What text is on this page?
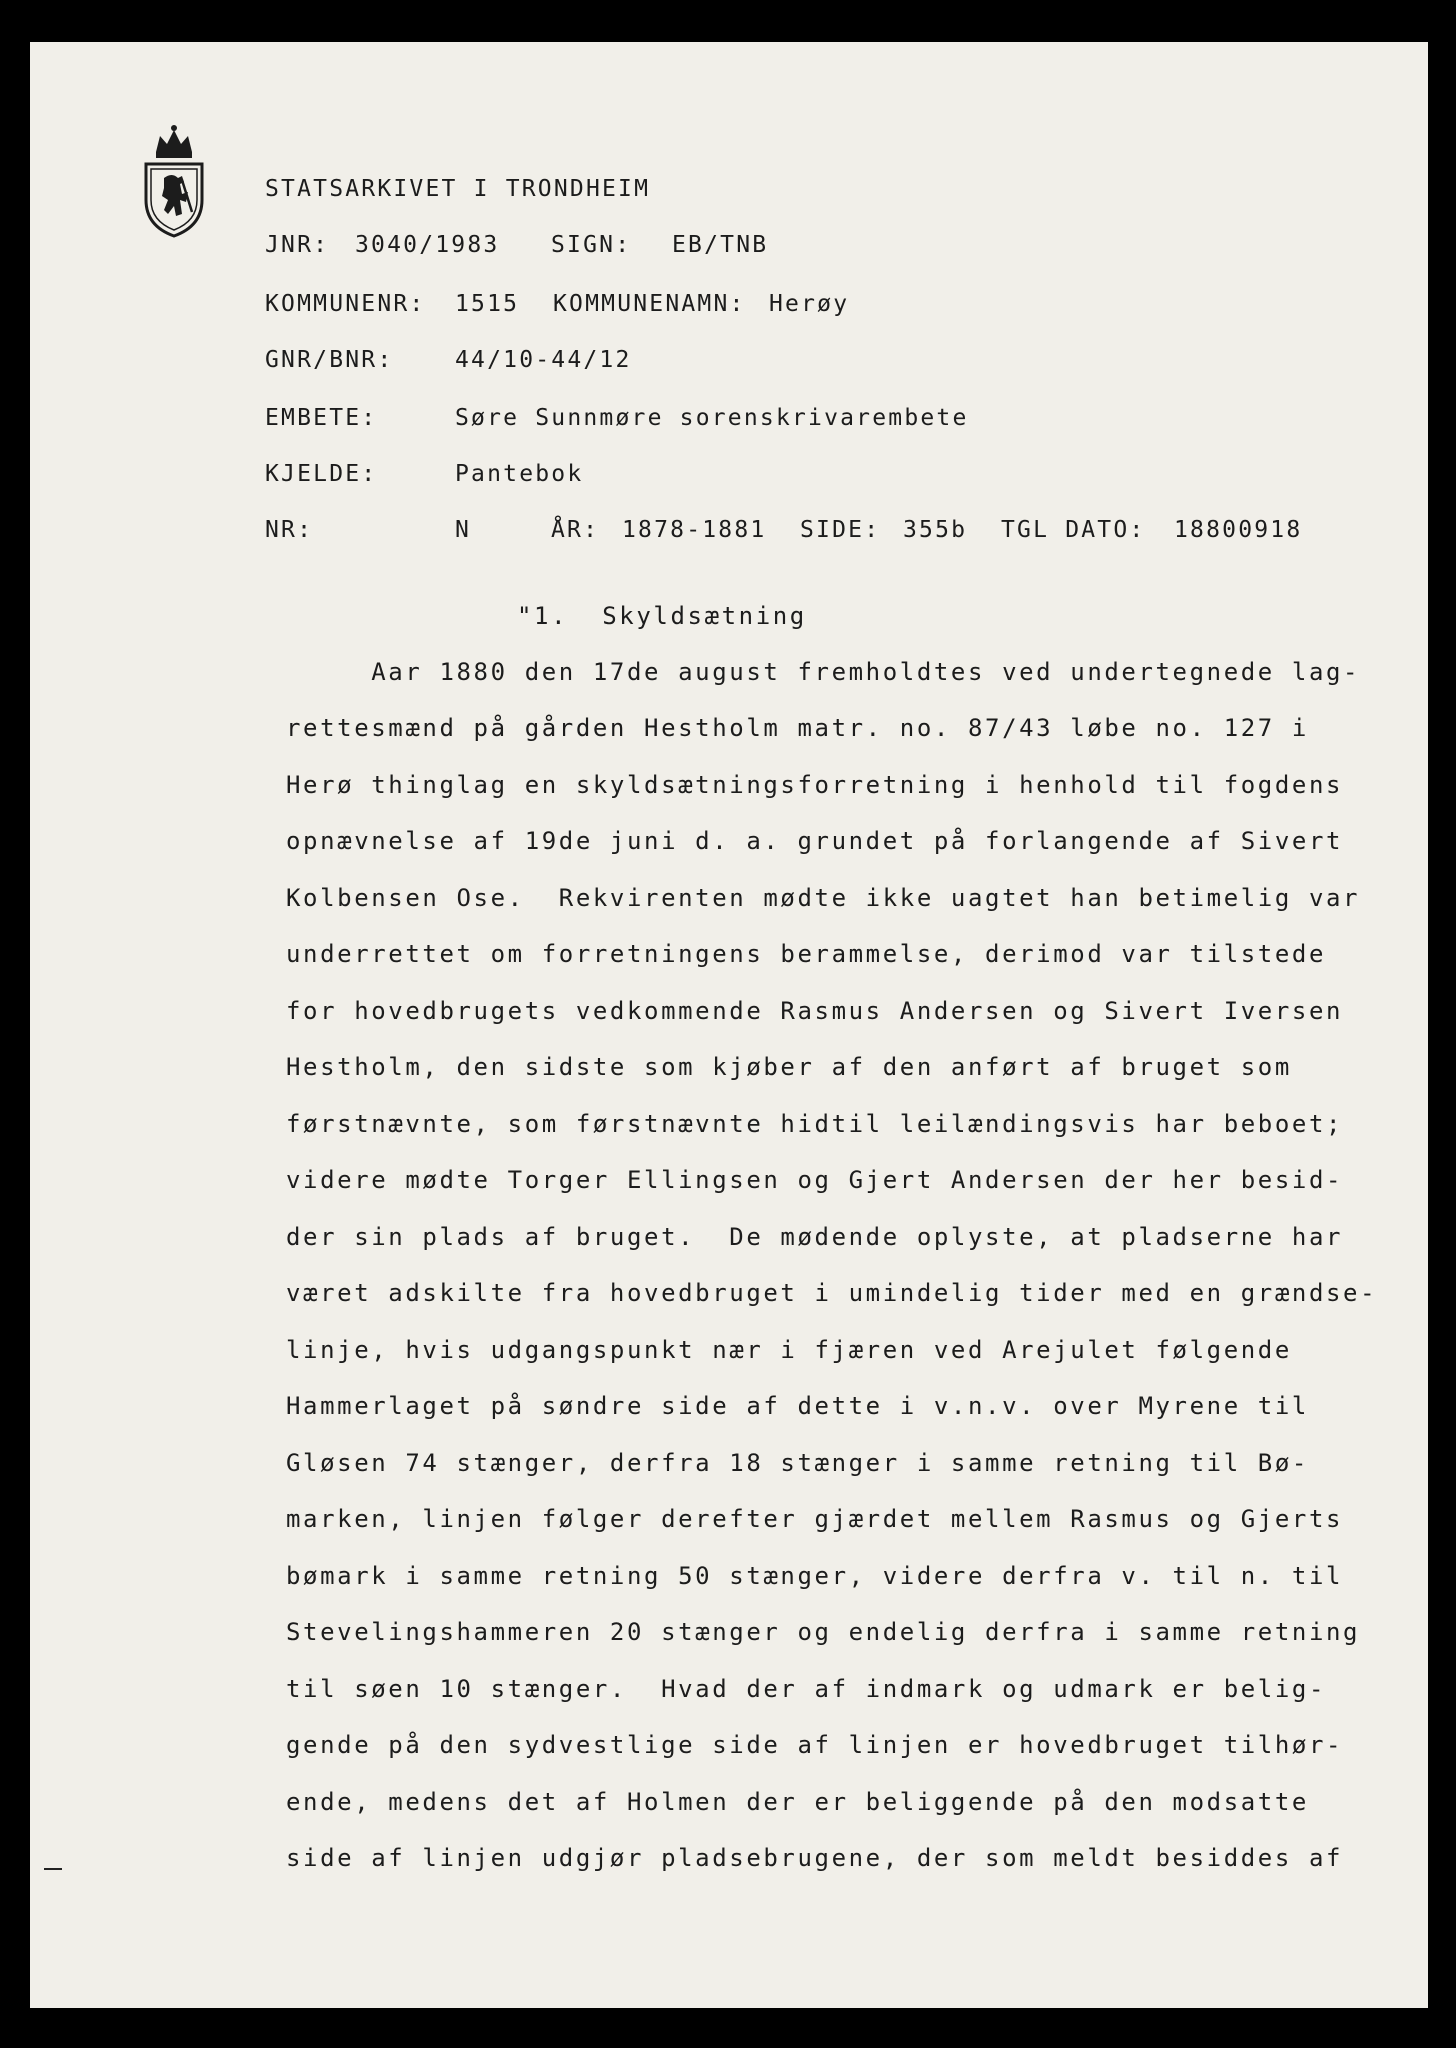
STATSARKIVET I TRONDHEIM
JNR: 3040/1983 SIGN: EB/TNB
KOMMUNENR: 1515 KOMMUNENAMN: Herøy
GNR/BNR:	44/10-44/12
EMBETE:	Søre Sunnmøre sorenskrivarembete
KJELDE:	Pantebok
NR:	N	ÅR: 1878-1881 SIDE: 355b TGL DATO: 18800918
"1.  Skyldsætning
Aar 1880 den 17de august fremholdtes ved undertegnede lag-
rettesmænd på gården Hestholm matr. no. 87/43 løbe no. 127 i
Herø thinglag en skyldsætningsforretning i henhold til fogdens
opnævnelse af 19de juni d. a. grundet på forlangende af Sivert
Kolbensen Ose.  Rekvirenten mødte ikke uagtet han betimelig var
underrettet om forretningens berammelse, derimod var tilstede
for hovedbrugets vedkommende Rasmus Andersen og Sivert Iversen
Hestholm, den sidste som kjøber af den anført af bruget som
førstnævnte, som førstnævnte hidtil leilændingsvis har beboet;
videre mødte Torger Ellingsen og Gjert Andersen der her besid-
der sin plads af bruget.  De mødende oplyste, at pladserne har
været adskilte fra hovedbruget i umindelig tider med en grændse-
linje, hvis udgangspunkt nær i fjæren ved Arejulet følgende
Hammerlaget på søndre side af dette i v.n.v. over Myrene til
Gløsen 74 stænger, derfra 18 stænger i samme retning til Bø-
marken, linjen følger derefter gjærdet mellem Rasmus og Gjerts
bømark i samme retning 50 stænger, videre derfra v. til n. til
Stevelingshammeren 20 stænger og endelig derfra i samme retning
til søen 10 stænger.  Hvad der af indmark og udmark er belig-
gende på den sydvestlige side af linjen er hovedbruget tilhør-
ende, medens det af Holmen der er beliggende på den modsatte
side af linjen udgjør pladsebrugene, der som meldt besiddes af
